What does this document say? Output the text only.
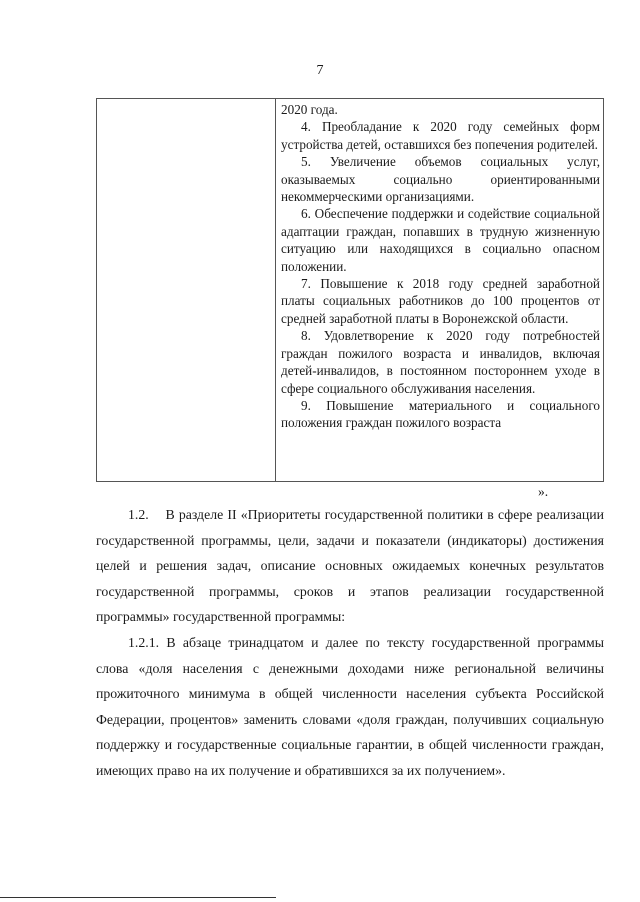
7

2020 года.

4. Преобладание к 2020 году семейных форм устройства детей, оставшихся без попечения родителей.

5. Увеличение объемов социальных услуг, оказываемых социально ориентированными некоммерческими организациями.

6. Обеспечение поддержки и содействие социальной адаптации граждан, попавших в трудную жизненную ситуацию или находящихся в социально опасном положении.

7. Повышение к 2018 году средней заработной платы социальных работников до 100 процентов от средней заработной платы в Воронежской области.

8. Удовлетворение к 2020 году потребностей граждан пожилого возраста и инвалидов, включая детей-инвалидов, в постоянном постороннем уходе в сфере социального обслуживания населения.

9. Повышение материального и социального положения граждан пожилого возраста

».

1.2.    В разделе II «Приоритеты государственной политики в сфере реализации государственной программы, цели, задачи и показатели (индикаторы) достижения целей и решения задач, описание основных ожидаемых конечных результатов государственной программы, сроков и этапов реализации государственной программы» государственной программы:

1.2.1. В абзаце тринадцатом и далее по тексту государственной программы слова «доля населения с денежными доходами ниже региональной величины прожиточного минимума в общей численности населения субъекта Российской Федерации, процентов» заменить словами «доля граждан, получивших социальную поддержку и государственные социальные гарантии, в общей численности граждан, имеющих право на их получение и обратившихся за их получением».
